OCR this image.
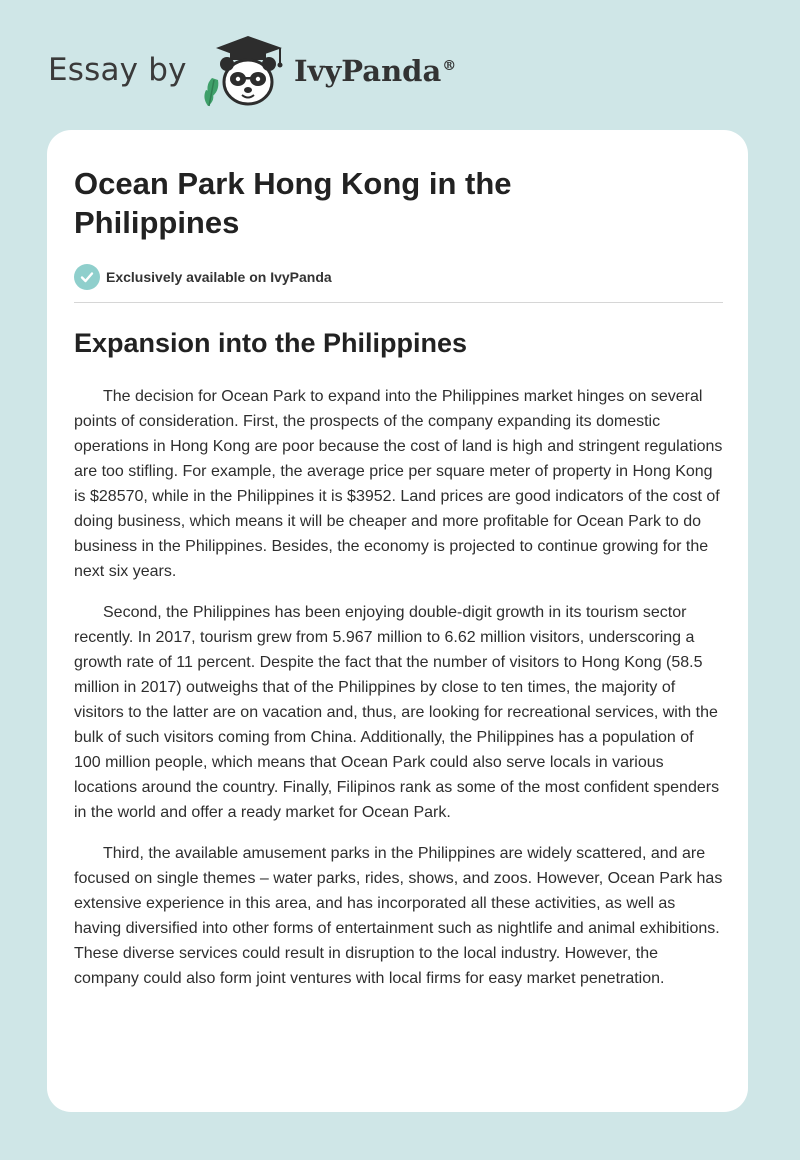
Essay by	IvyPanda®
Ocean Park Hong Kong in the Philippines
Exclusively available on IvyPanda
Expansion into the Philippines

The decision for Ocean Park to expand into the Philippines market hinges on several points of consideration. First, the prospects of the company expanding its domestic operations in Hong Kong are poor because the cost of land is high and stringent regulations are too stifling. For example, the average price per square meter of property in Hong Kong is $28570, while in the Philippines it is $3952. Land prices are good indicators of the cost of doing business, which means it will be cheaper and more profitable for Ocean Park to do business in the Philippines. Besides, the economy is projected to continue growing for the next six years.

Second, the Philippines has been enjoying double-digit growth in its tourism sector recently. In 2017, tourism grew from 5.967 million to 6.62 million visitors, underscoring a growth rate of 11 percent. Despite the fact that the number of visitors to Hong Kong (58.5 million in 2017) outweighs that of the Philippines by close to ten times, the majority of visitors to the latter are on vacation and, thus, are looking for recreational services, with the bulk of such visitors coming from China. Additionally, the Philippines has a population of 100 million people, which means that Ocean Park could also serve locals in various locations around the country. Finally, Filipinos rank as some of the most confident spenders in the world and offer a ready market for Ocean Park.

Third, the available amusement parks in the Philippines are widely scattered, and are focused on single themes – water parks, rides, shows, and zoos. However, Ocean Park has extensive experience in this area, and has incorporated all these activities, as well as having diversified into other forms of entertainment such as nightlife and animal exhibitions. These diverse services could result in disruption to the local industry. However, the company could also form joint ventures with local firms for easy market penetration.
